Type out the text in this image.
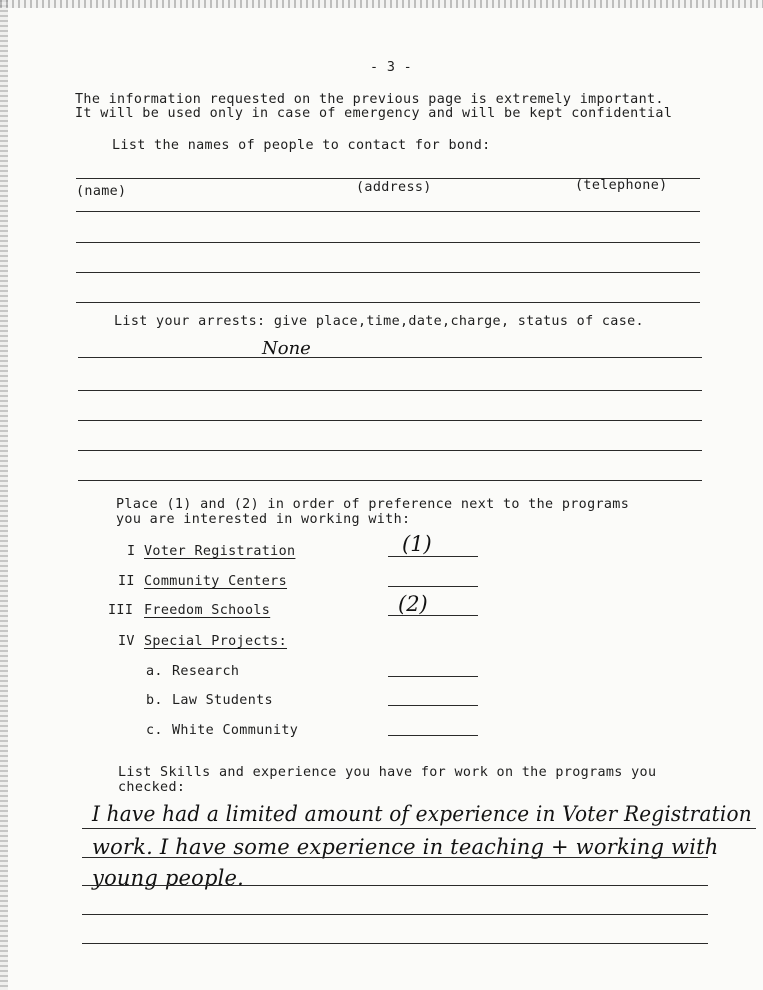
- 3 -
The information requested on the previous page is extremely important.
It will be used only in case of emergency and will be kept confidential
List the names of people to contact for bond:
(name)	(address)	(telephone)
List your arrests: give place,time,date,charge, status of case.
None
Place (1) and (2) in order of preference next to the programs
you are interested in working with:
I Voter Registration	(1)
II Community Centers
III Freedom Schools	(2)
IV Special Projects:
a. Research
b. Law Students
c. White Community
List Skills and experience you have for work on the programs you
checked:
I have had a limited amount of experience in Voter Registration
work. I have some experience in teaching + working with
young people.
